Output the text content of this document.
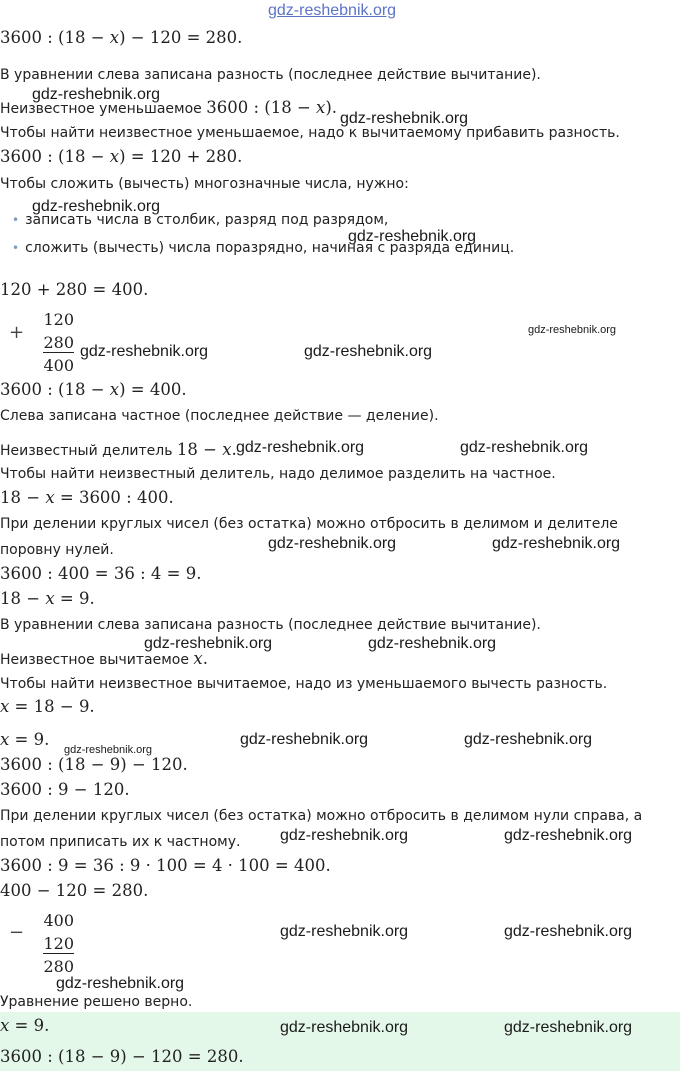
gdz-reshebnik.org
3600 : (18 − x) − 120 = 280.
В уравнении слева записана разность (последнее действие вычитание).
gdz-reshebnik.org
Неизвестное уменьшаемое 3600 : (18 − x).
gdz-reshebnik.org
Чтобы найти неизвестное уменьшаемое, надо к вычитаемому прибавить разность.
3600 : (18 − x) = 120 + 280.
Чтобы сложить (вычесть) многозначные числа, нужно:
gdz-reshebnik.org
• записать числа в столбик, разряд под разрядом,
gdz-reshebnik.org
• сложить (вычесть) числа поразрядно, начиная с разряда единиц.
120 + 280 = 400.
+
120
280
400
gdz-reshebnik.org
gdz-reshebnik.org	gdz-reshebnik.org
3600 : (18 − x) = 400.
Слева записана частное (последнее действие — деление).
Неизвестный делитель 18 − x. gdz-reshebnik.org	gdz-reshebnik.org
Чтобы найти неизвестный делитель, надо делимое разделить на частное.
18 − x = 3600 : 400.
При делении круглых чисел (без остатка) можно отбросить в делимом и делителе
поровну нулей.	gdz-reshebnik.org	gdz-reshebnik.org
3600 : 400 = 36 : 4 = 9.
18 − x = 9.
В уравнении слева записана разность (последнее действие вычитание).
gdz-reshebnik.org	gdz-reshebnik.org
Неизвестное вычитаемое x.
Чтобы найти неизвестное вычитаемое, надо из уменьшаемого вычесть разность.
x = 18 − 9.
x = 9.
gdz-reshebnik.org
gdz-reshebnik.org	gdz-reshebnik.org
3600 : (18 − 9) − 120.
3600 : 9 − 120.
При делении круглых чисел (без остатка) можно отбросить в делимом нули справа, а
потом приписать их к частному. gdz-reshebnik.org	gdz-reshebnik.org
3600 : 9 = 36 : 9 · 100 = 4 · 100 = 400.
400 − 120 = 280.
−
400
120
280
gdz-reshebnik.org	gdz-reshebnik.org
gdz-reshebnik.org
Уравнение решено верно.
x = 9.	gdz-reshebnik.org	gdz-reshebnik.org
3600 : (18 − 9) − 120 = 280.
